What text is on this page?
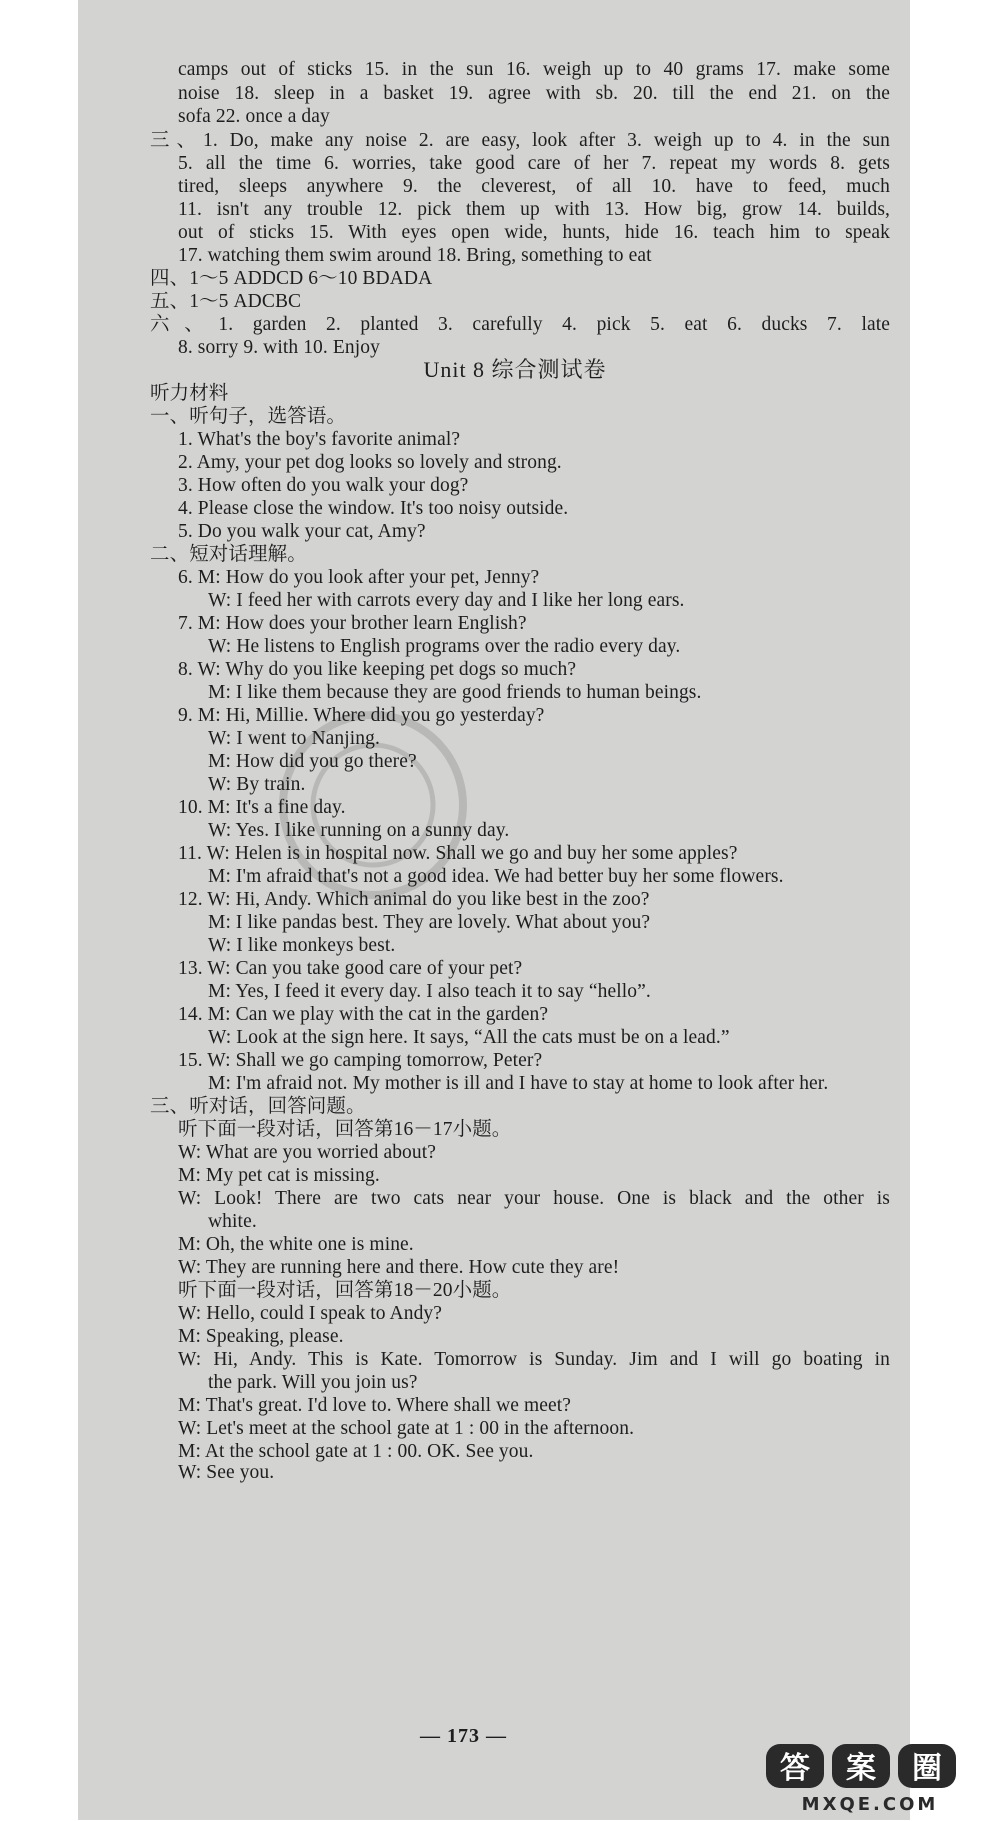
camps out of sticks 15. in the sun 16. weigh up to 40 grams 17. make some
noise 18. sleep in a basket 19. agree with sb. 20. till the end 21. on the
sofa 22. once a day
三、1. Do, make any noise 2. are easy, look after 3. weigh up to 4. in the sun
5. all the time 6. worries, take good care of her 7. repeat my words 8. gets
tired, sleeps anywhere 9. the cleverest, of all 10. have to feed, much
11. isn't any trouble 12. pick them up with 13. How big, grow 14. builds,
out of sticks 15. With eyes open wide, hunts, hide 16. teach him to speak
17. watching them swim around 18. Bring, something to eat
四、1～5 ADDCD 6～10 BDADA
五、1～5 ADCBC
六、1. garden 2. planted 3. carefully 4. pick 5. eat 6. ducks 7. late
8. sorry 9. with 10. Enjoy
听力材料
一、听句子，选答语。
1. What's the boy's favorite animal?
2. Amy, your pet dog looks so lovely and strong.
3. How often do you walk your dog?
4. Please close the window. It's too noisy outside.
5. Do you walk your cat, Amy?
二、短对话理解。
6. M: How do you look after your pet, Jenny?
W: I feed her with carrots every day and I like her long ears.
7. M: How does your brother learn English?
W: He listens to English programs over the radio every day.
8. W: Why do you like keeping pet dogs so much?
M: I like them because they are good friends to human beings.
9. M: Hi, Millie. Where did you go yesterday?
W: I went to Nanjing.
M: How did you go there?
W: By train.
10. M: It's a fine day.
W: Yes. I like running on a sunny day.
11. W: Helen is in hospital now. Shall we go and buy her some apples?
M: I'm afraid that's not a good idea. We had better buy her some flowers.
12. W: Hi, Andy. Which animal do you like best in the zoo?
M: I like pandas best. They are lovely. What about you?
W: I like monkeys best.
13. W: Can you take good care of your pet?
M: Yes, I feed it every day. I also teach it to say “hello”.
14. M: Can we play with the cat in the garden?
W: Look at the sign here. It says, “All the cats must be on a lead.”
15. W: Shall we go camping tomorrow, Peter?
M: I'm afraid not. My mother is ill and I have to stay at home to look after her.
三、听对话，回答问题。
听下面一段对话，回答第16－17小题。
W: What are you worried about?
M: My pet cat is missing.
W: Look! There are two cats near your house. One is black and the other is
white.
M: Oh, the white one is mine.
W: They are running here and there. How cute they are!
听下面一段对话，回答第18－20小题。
W: Hello, could I speak to Andy?
M: Speaking, please.
W: Hi, Andy. This is Kate. Tomorrow is Sunday. Jim and I will go boating in
the park. Will you join us?
M: That's great. I'd love to. Where shall we meet?
W: Let's meet at the school gate at 1 : 00 in the afternoon.
M: At the school gate at 1 : 00. OK. See you.
W: See you.
Unit 8 综合测试卷
— 173 —
答 案 圈
MXQE.COM
